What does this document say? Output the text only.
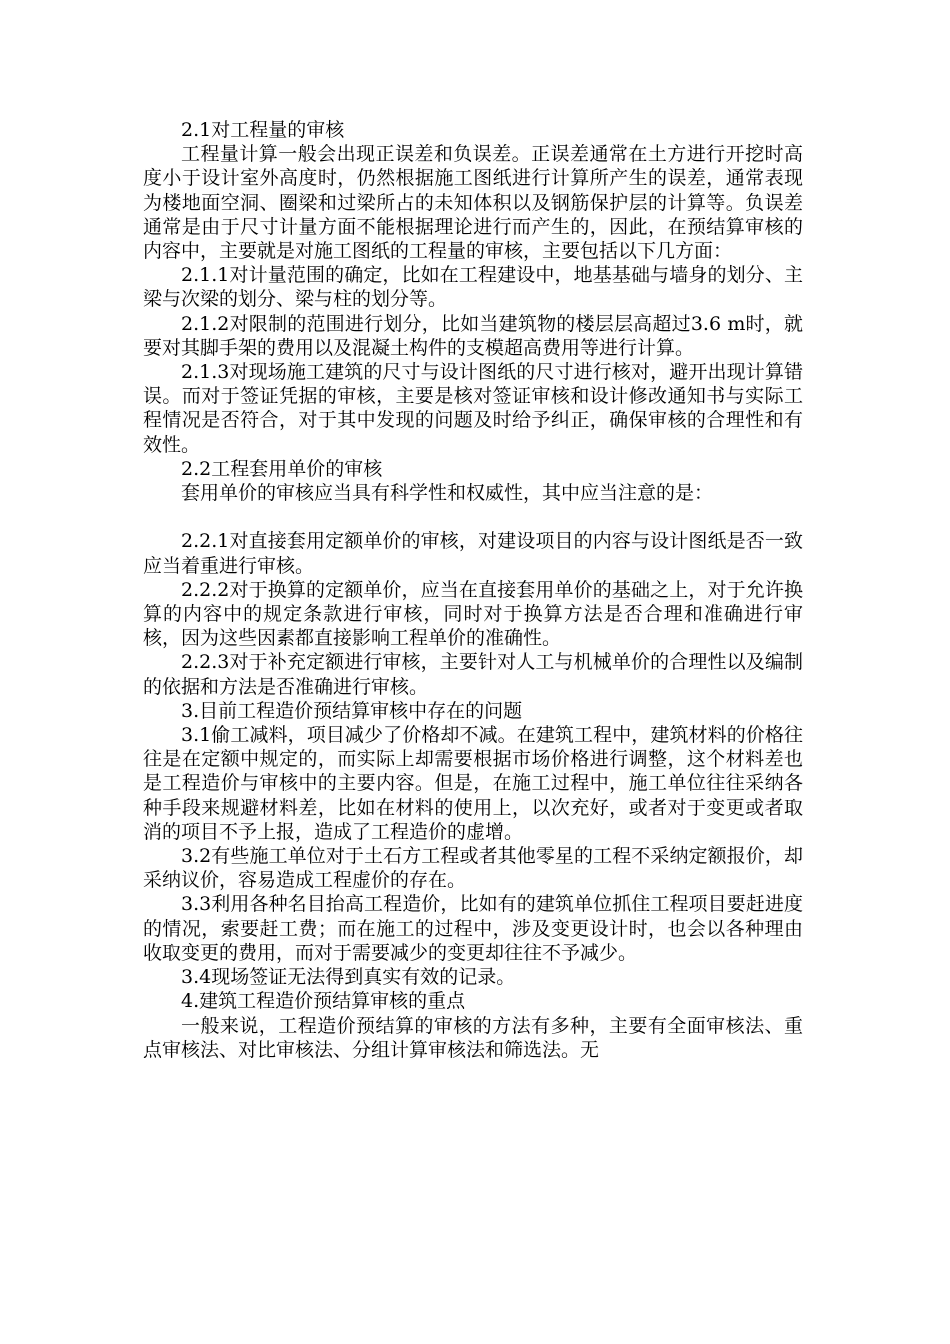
2.1对工程量的审核

工程量计算一般会出现正误差和负误差。正误差通常在土方进行开挖时高度小于设计室外高度时，仍然根据施工图纸进行计算所产生的误差，通常表现为楼地面空洞、圈梁和过梁所占的未知体积以及钢筋保护层的计算等。负误差通常是由于尺寸计量方面不能根据理论进行而产生的，因此，在预结算审核的内容中，主要就是对施工图纸的工程量的审核，主要包括以下几方面：

2.1.1对计量范围的确定，比如在工程建设中，地基基础与墙身的划分、主梁与次梁的划分、梁与柱的划分等。

2.1.2对限制的范围进行划分，比如当建筑物的楼层层高超过3.6 m时，就要对其脚手架的费用以及混凝土构件的支模超高费用等进行计算。

2.1.3对现场施工建筑的尺寸与设计图纸的尺寸进行核对，避开出现计算错误。而对于签证凭据的审核，主要是核对签证审核和设计修改通知书与实际工程情况是否符合，对于其中发现的问题及时给予纠正，确保审核的合理性和有效性。

2.2工程套用单价的审核

套用单价的审核应当具有科学性和权威性，其中应当注意的是：

2.2.1对直接套用定额单价的审核，对建设项目的内容与设计图纸是否一致应当着重进行审核。

2.2.2对于换算的定额单价，应当在直接套用单价的基础之上，对于允许换算的内容中的规定条款进行审核，同时对于换算方法是否合理和准确进行审核，因为这些因素都直接影响工程单价的准确性。

2.2.3对于补充定额进行审核，主要针对人工与机械单价的合理性以及编制的依据和方法是否准确进行审核。

3.目前工程造价预结算审核中存在的问题

3.1偷工减料，项目减少了价格却不减。在建筑工程中，建筑材料的价格往往是在定额中规定的，而实际上却需要根据市场价格进行调整，这个材料差也是工程造价与审核中的主要内容。但是，在施工过程中，施工单位往往采纳各种手段来规避材料差，比如在材料的使用上，以次充好，或者对于变更或者取消的项目不予上报，造成了工程造价的虚增。

3.2有些施工单位对于土石方工程或者其他零星的工程不采纳定额报价，却采纳议价，容易造成工程虚价的存在。

3.3利用各种名目抬高工程造价，比如有的建筑单位抓住工程项目要赶进度的情况，索要赶工费；而在施工的过程中，涉及变更设计时，也会以各种理由收取变更的费用，而对于需要减少的变更却往往不予减少。

3.4现场签证无法得到真实有效的记录。

4.建筑工程造价预结算审核的重点

一般来说，工程造价预结算的审核的方法有多种，主要有全面审核法、重点审核法、对比审核法、分组计算审核法和筛选法。无
